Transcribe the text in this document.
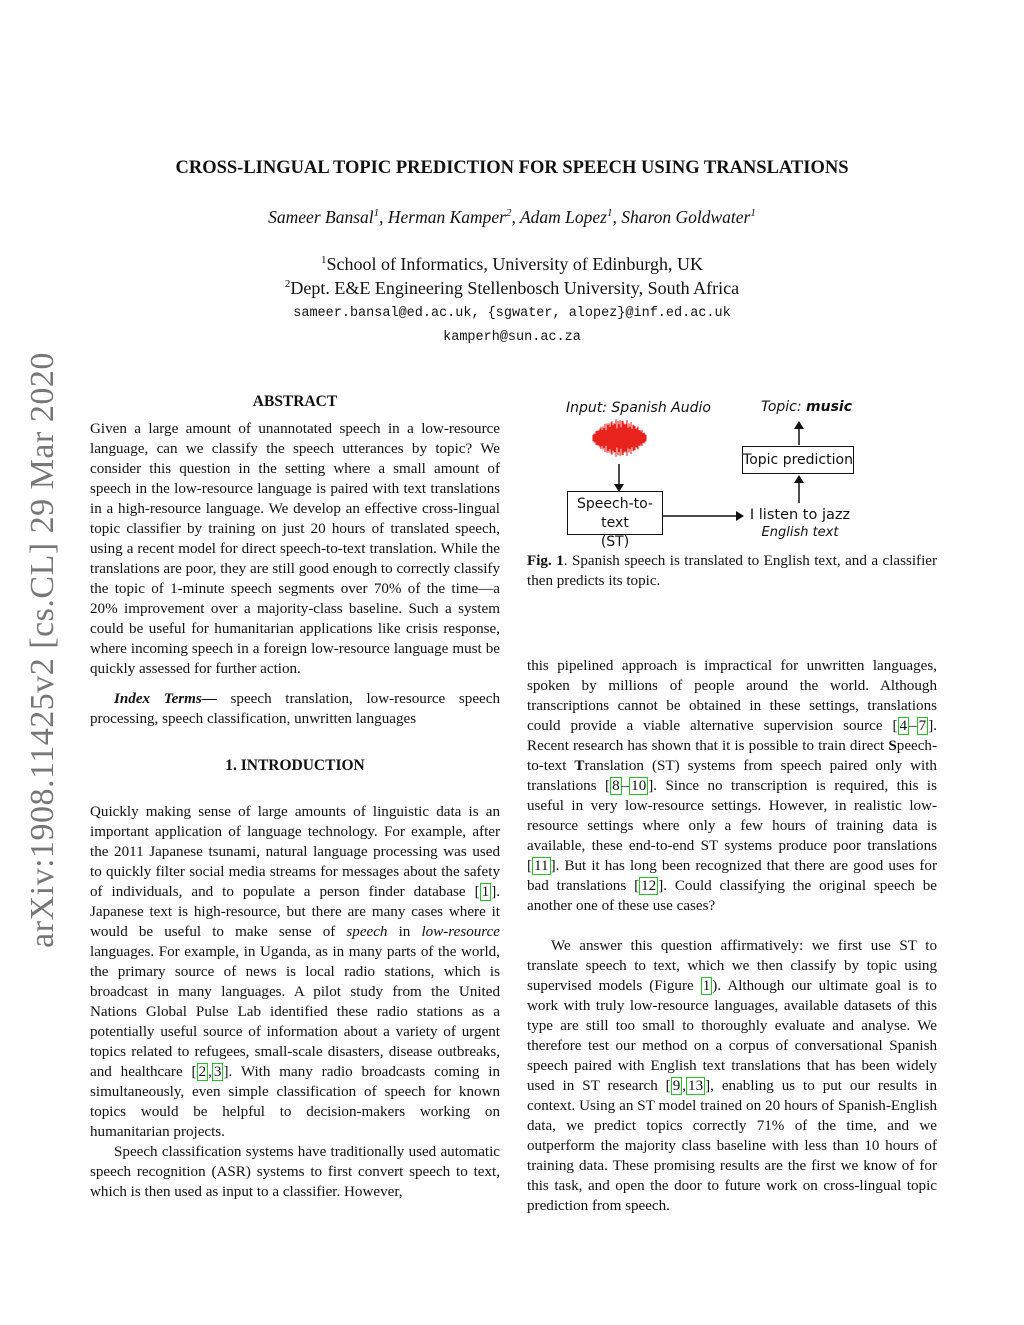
arXiv:1908.11425v2 [cs.CL] 29 Mar 2020
CROSS-LINGUAL TOPIC PREDICTION FOR SPEECH USING TRANSLATIONS
Sameer Bansal$^1$, Herman Kamper$^2$, Adam Lopez$^1$, Sharon Goldwater$^1$
$^1$School of Informatics, University of Edinburgh, UK
$^2$Dept. E&E Engineering Stellenbosch University, South Africa
sameer.bansal@ed.ac.uk, {sgwater, alopez}@inf.ed.ac.uk
kamperh@sun.ac.za
ABSTRACT

Given a large amount of unannotated speech in a low-resource language, can we classify the speech utterances by topic? We consider this question in the setting where a small amount of speech in the low-resource language is paired with text translations in a high-resource language. We develop an effective cross-lingual topic classifier by training on just 20 hours of translated speech, using a recent model for direct speech-to-text translation. While the translations are poor, they are still good enough to correctly classify the topic of 1-minute speech segments over 70% of the time—a 20% improvement over a majority-class baseline. Such a system could be useful for humanitarian applications like crisis response, where incoming speech in a foreign low-resource language must be quickly assessed for further action.

Index Terms— speech translation, low-resource speech processing, speech classification, unwritten languages

1. INTRODUCTION

Quickly making sense of large amounts of linguistic data is an important application of language technology. For example, after the 2011 Japanese tsunami, natural language processing was used to quickly filter social media streams for messages about the safety of individuals, and to populate a person finder database [ 1 ]. Japanese text is high-resource, but there are many cases where it would be useful to make sense of speech in low-resource languages. For example, in Uganda, as in many parts of the world, the primary source of news is local radio stations, which is broadcast in many languages. A pilot study from the United Nations Global Pulse Lab identified these radio stations as a potentially useful source of information about a variety of urgent topics related to refugees, small-scale disasters, disease outbreaks, and healthcare [ 2 , 3 ]. With many radio broadcasts coming in simultaneously, even simple classification of speech for known topics would be helpful to decision-makers working on humanitarian projects.

Speech classification systems have traditionally used automatic speech recognition (ASR) systems to first convert speech to text, which is then used as input to a classifier. However,

Input: Spanish Audio	Topic: music
Speech-to-text
(ST)
Topic prediction
I listen to jazz
English text
Fig. 1. Spanish speech is translated to English text, and a classifier then predicts its topic.

this pipelined approach is impractical for unwritten languages, spoken by millions of people around the world. Although transcriptions cannot be obtained in these settings, translations could provide a viable alternative supervision source [ 4 – 7 ]. Recent research has shown that it is possible to train direct Speech-to-text Translation (ST) systems from speech paired only with translations [ 8 – 10 ]. Since no transcription is required, this is useful in very low-resource settings. However, in realistic low-resource settings where only a few hours of training data is available, these end-to-end ST systems produce poor translations [ 11 ]. But it has long been recognized that there are good uses for bad translations [ 12 ]. Could classifying the original speech be another one of these use cases?

We answer this question affirmatively: we first use ST to translate speech to text, which we then classify by topic using supervised models (Figure 1 ). Although our ultimate goal is to work with truly low-resource languages, available datasets of this type are still too small to thoroughly evaluate and analyse. We therefore test our method on a corpus of conversational Spanish speech paired with English text translations that has been widely used in ST research [ 9 , 13 ], enabling us to put our results in context. Using an ST model trained on 20 hours of Spanish-English data, we predict topics correctly 71% of the time, and we outperform the majority class baseline with less than 10 hours of training data. These promising results are the first we know of for this task, and open the door to future work on cross-lingual topic prediction from speech.
